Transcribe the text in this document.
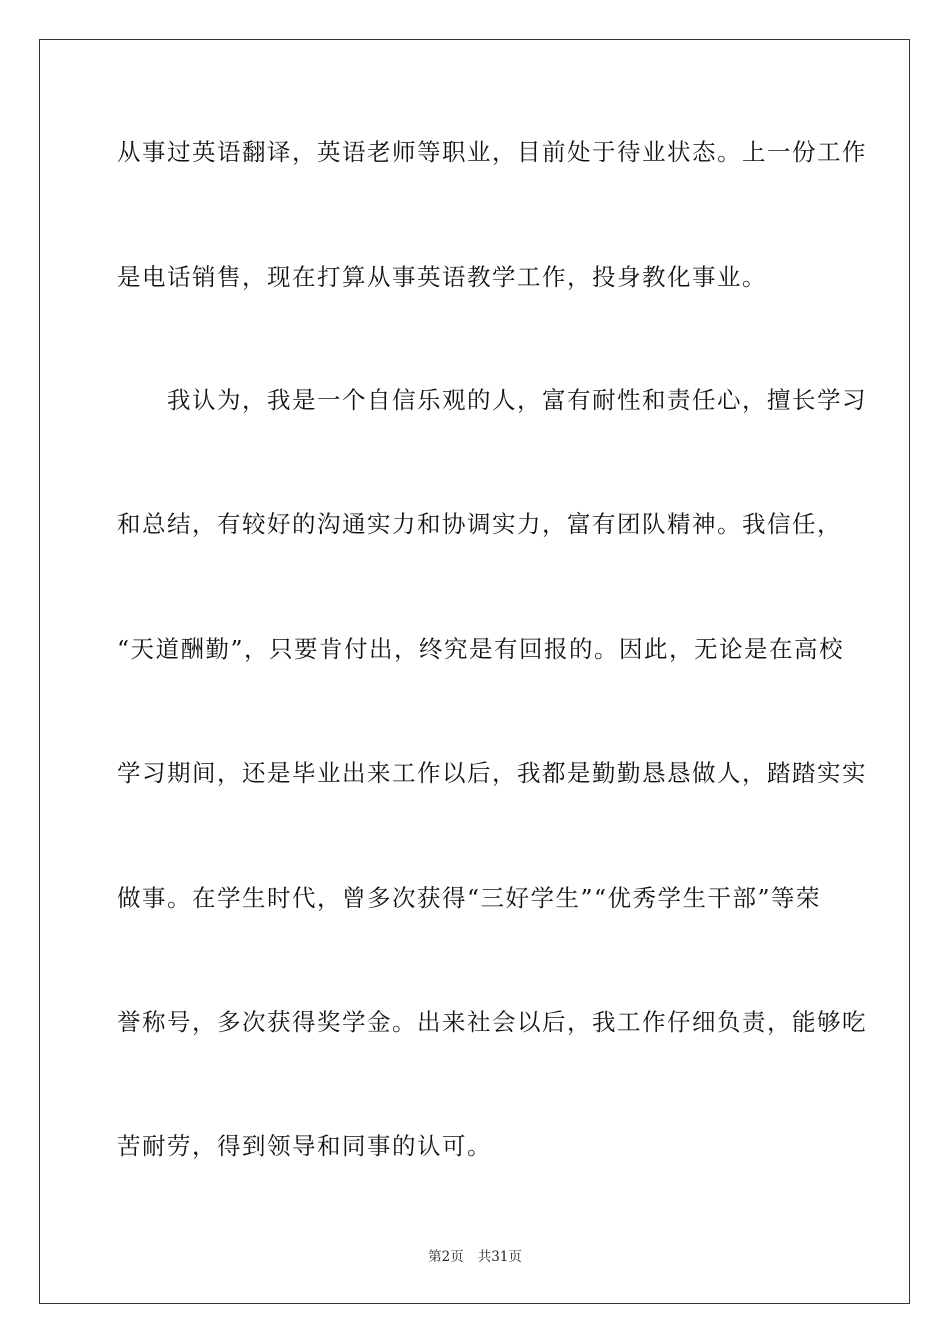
从事过英语翻译，英语老师等职业，目前处于待业状态。上一份工作
是电话销售，现在打算从事英语教学工作，投身教化事业。
　　我认为，我是一个自信乐观的人，富有耐性和责任心，擅长学习
和总结，有较好的沟通实力和协调实力，富有团队精神。我信任，
“天道酬勤”，只要肯付出，终究是有回报的。因此，无论是在高校
学习期间，还是毕业出来工作以后，我都是勤勤恳恳做人，踏踏实实
做事。在学生时代，曾多次获得“三好学生”“优秀学生干部”等荣
誉称号，多次获得奖学金。出来社会以后，我工作仔细负责，能够吃
苦耐劳，得到领导和同事的认可。
第2页 共31页
